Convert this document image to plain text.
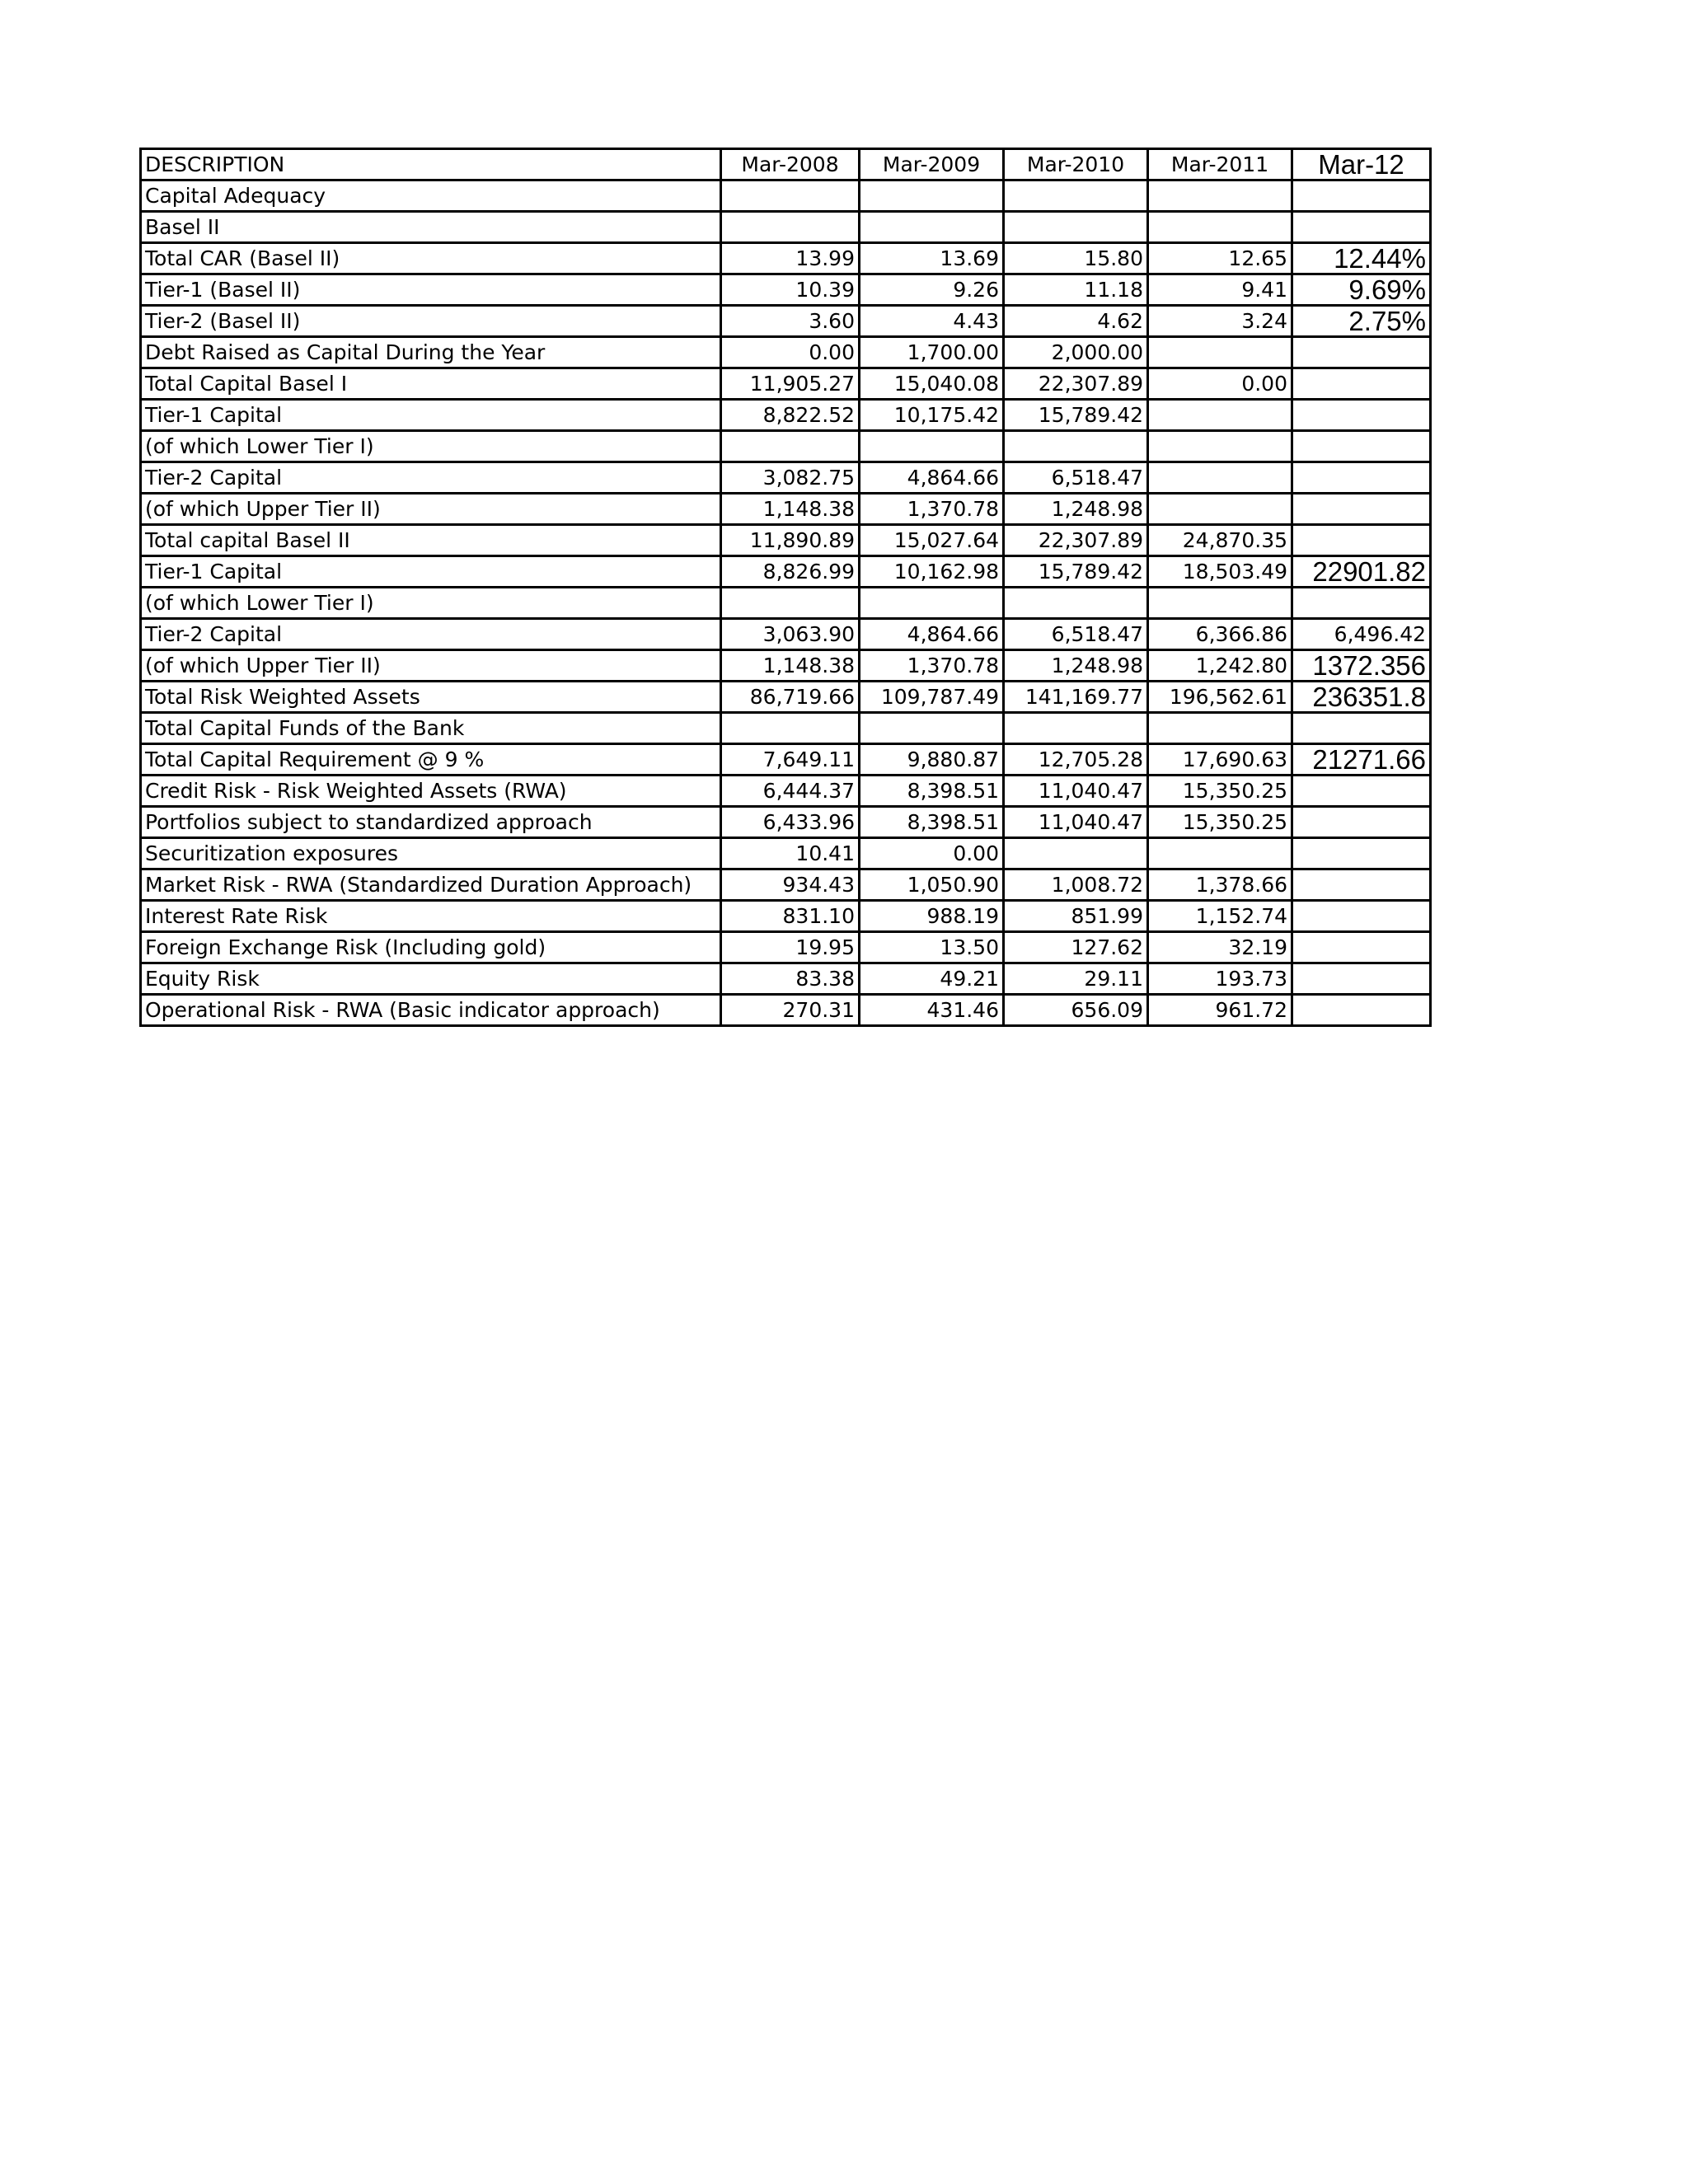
DESCRIPTION	Mar-2008	Mar-2009	Mar-2010	Mar-2011	Mar-12
Capital Adequacy					
Basel II					
Total CAR (Basel II)	13.99	13.69	15.80	12.65	12.44%
Tier-1 (Basel II)	10.39	9.26	11.18	9.41	9.69%
Tier-2 (Basel II)	3.60	4.43	4.62	3.24	2.75%
Debt Raised as Capital During the Year	0.00	1,700.00	2,000.00		
Total Capital Basel I	11,905.27	15,040.08	22,307.89	0.00	
Tier-1 Capital	8,822.52	10,175.42	15,789.42		
(of which Lower Tier I)					
Tier-2 Capital	3,082.75	4,864.66	6,518.47		
(of which Upper Tier II)	1,148.38	1,370.78	1,248.98		
Total capital Basel II	11,890.89	15,027.64	22,307.89	24,870.35	
Tier-1 Capital	8,826.99	10,162.98	15,789.42	18,503.49	22901.82
(of which Lower Tier I)					
Tier-2 Capital	3,063.90	4,864.66	6,518.47	6,366.86	6,496.42
(of which Upper Tier II)	1,148.38	1,370.78	1,248.98	1,242.80	1372.356
Total Risk Weighted Assets	86,719.66	109,787.49	141,169.77	196,562.61	236351.8
Total Capital Funds of the Bank					
Total Capital Requirement @ 9 %	7,649.11	9,880.87	12,705.28	17,690.63	21271.66
Credit Risk - Risk Weighted Assets (RWA)	6,444.37	8,398.51	11,040.47	15,350.25	
Portfolios subject to standardized approach	6,433.96	8,398.51	11,040.47	15,350.25	
Securitization exposures	10.41	0.00			
Market Risk - RWA (Standardized Duration Approach)	934.43	1,050.90	1,008.72	1,378.66	
Interest Rate Risk	831.10	988.19	851.99	1,152.74	
Foreign Exchange Risk (Including gold)	19.95	13.50	127.62	32.19	
Equity Risk	83.38	49.21	29.11	193.73	
Operational Risk - RWA (Basic indicator approach)	270.31	431.46	656.09	961.72	
